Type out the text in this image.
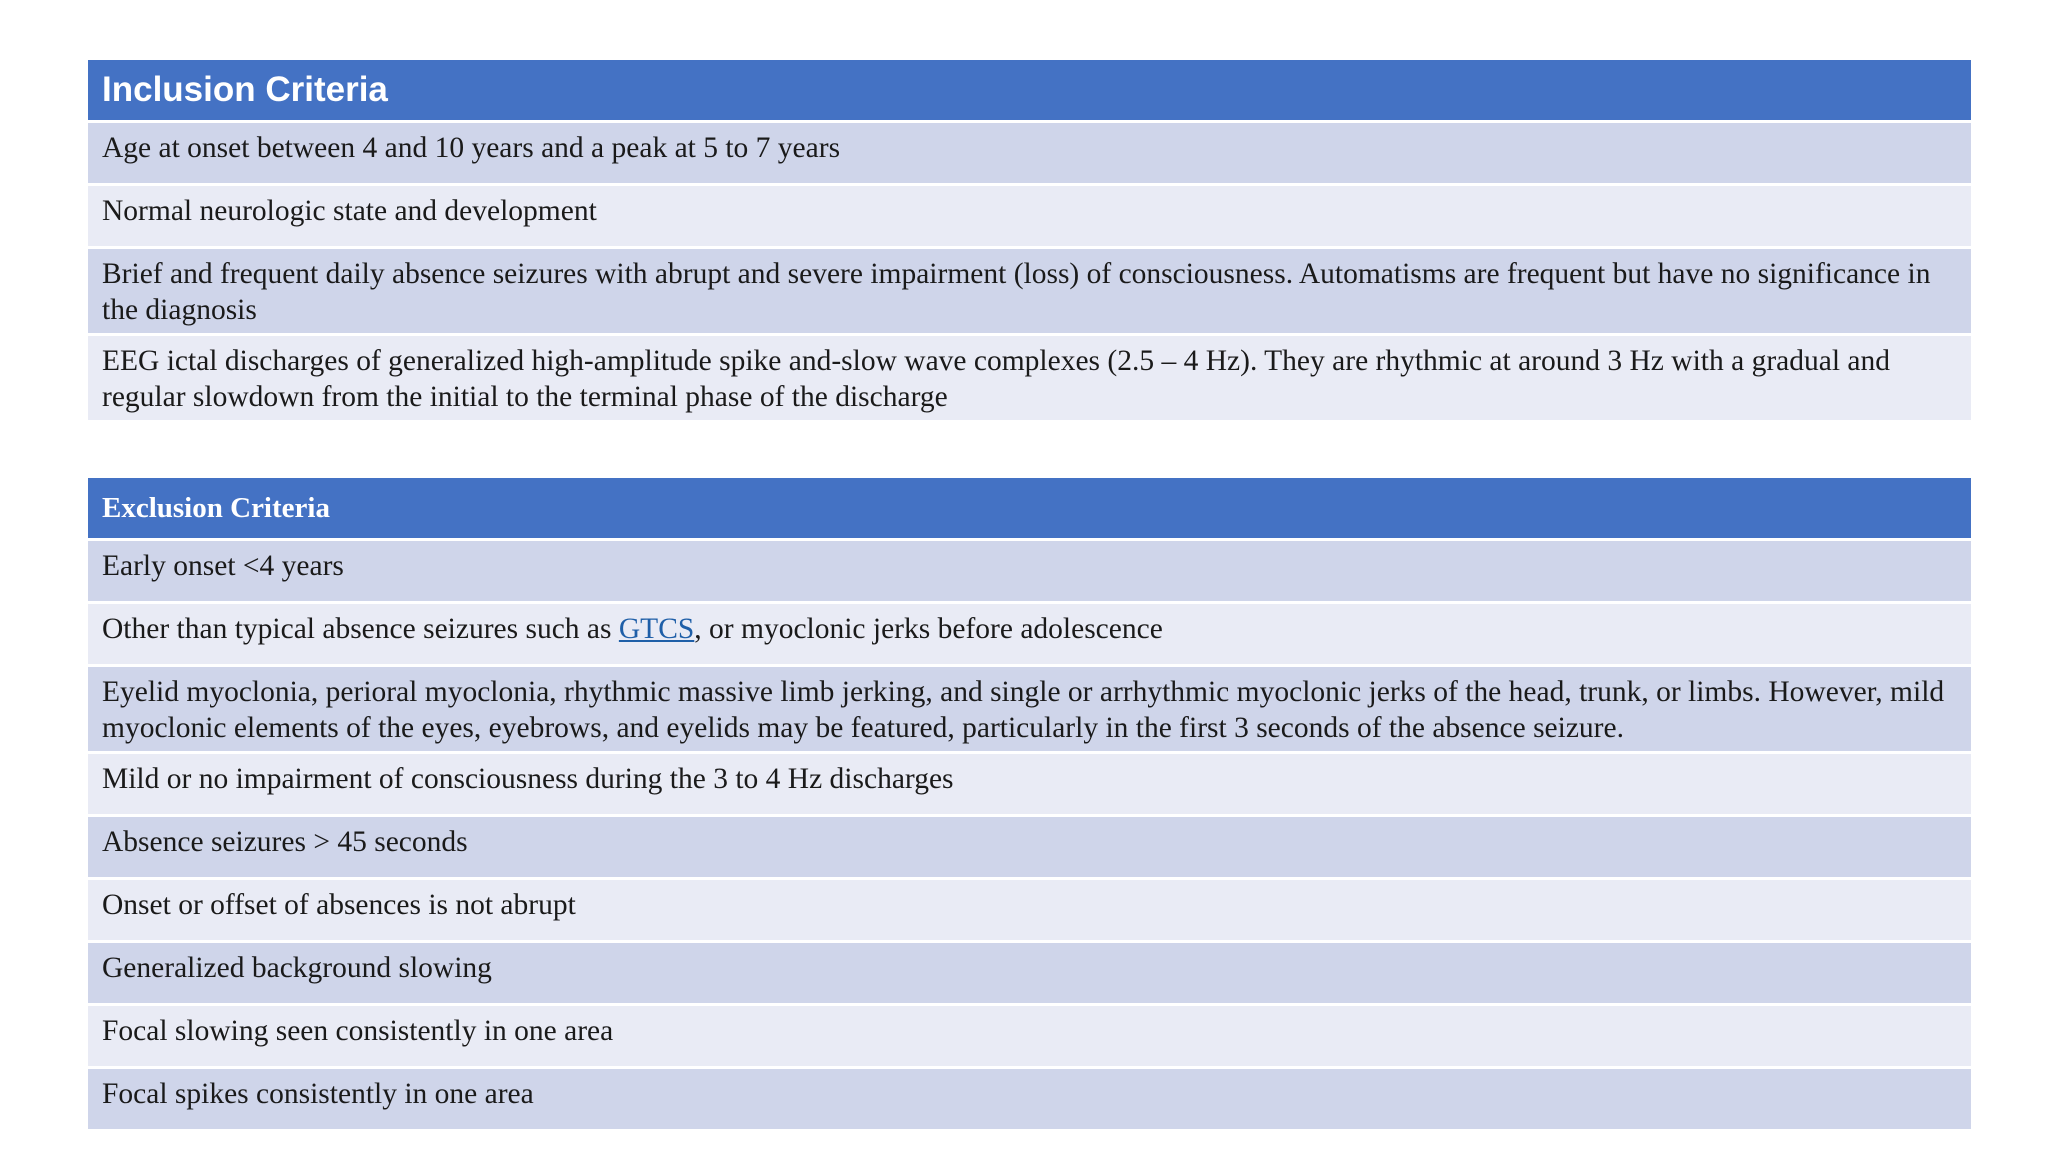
Inclusion Criteria
Age at onset between 4 and 10 years and a peak at 5 to 7 years
Normal neurologic state and development
Brief and frequent daily absence seizures with abrupt and severe impairment (loss) of consciousness. Automatisms are frequent but have no significance in the diagnosis
EEG ictal discharges of generalized high-amplitude spike and-slow wave complexes (2.5 – 4 Hz). They are rhythmic at around 3 Hz with a gradual and regular slowdown from the initial to the terminal phase of the discharge
Exclusion Criteria
Early onset <4 years
Other than typical absence seizures such as GTCS, or myoclonic jerks before adolescence
Eyelid myoclonia, perioral myoclonia, rhythmic massive limb jerking, and single or arrhythmic myoclonic jerks of the head, trunk, or limbs. However, mild myoclonic elements of the eyes, eyebrows, and eyelids may be featured, particularly in the first 3 seconds of the absence seizure.
Mild or no impairment of consciousness during the 3 to 4 Hz discharges
Absence seizures > 45 seconds
Onset or offset of absences is not abrupt
Generalized background slowing
Focal slowing seen consistently in one area
Focal spikes consistently in one area
